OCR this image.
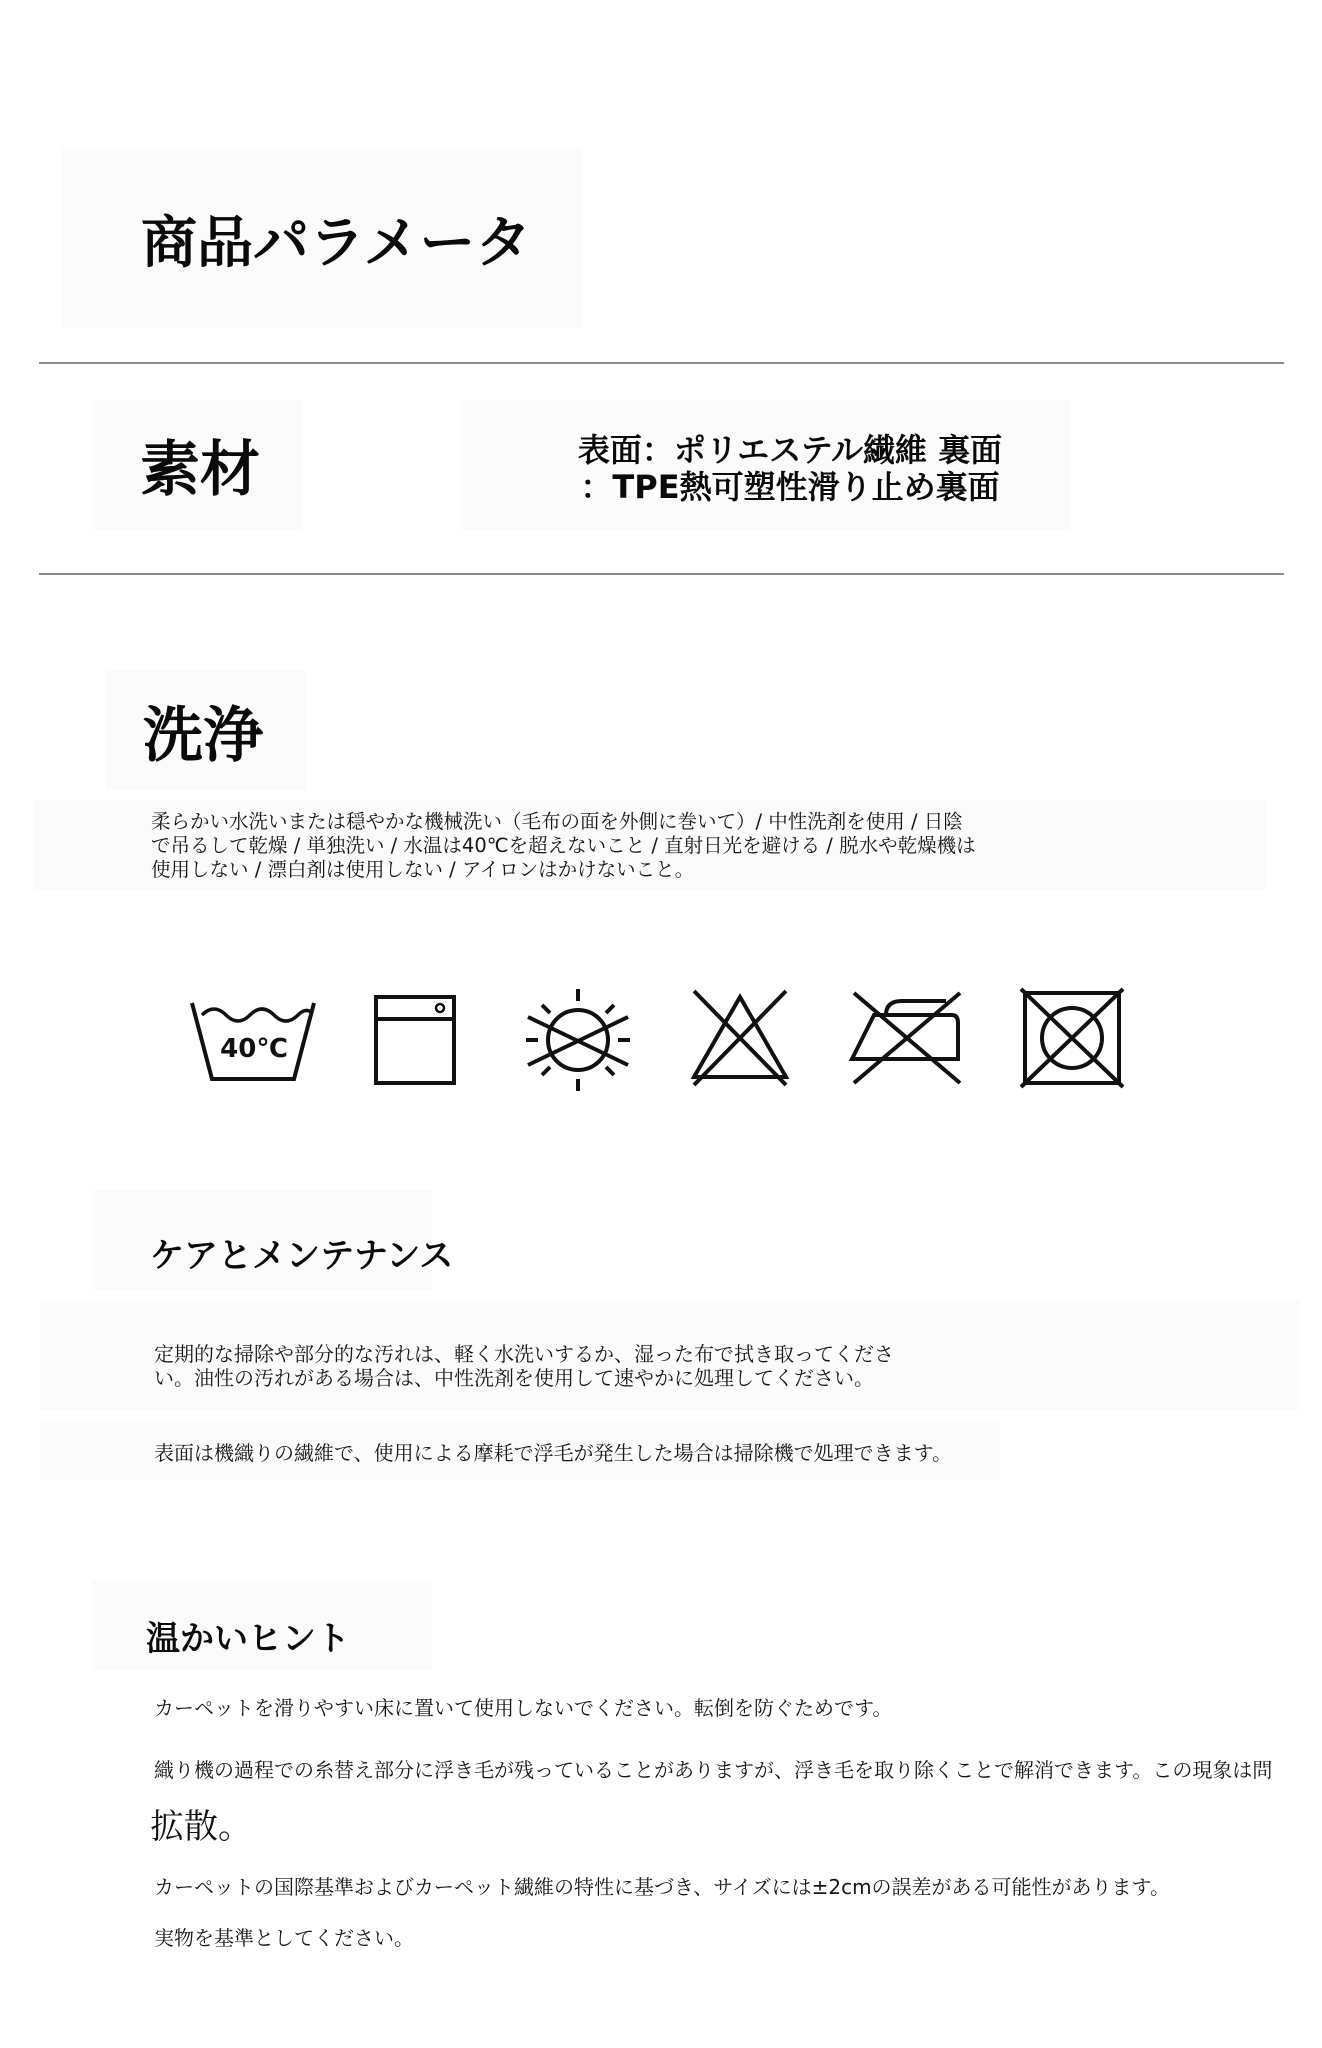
商品パラメータ
素材	表面：ポリエステル繊維 裏面
：TPE熱可塑性滑り止め裏面
洗浄
柔らかい水洗いまたは穏やかな機械洗い（毛布の面を外側に巻いて）/ 中性洗剤を使用 / 日陰
で吊るして乾燥 / 単独洗い / 水温は40℃を超えないこと / 直射日光を避ける / 脱水や乾燥機は
使用しない / 漂白剤は使用しない / アイロンはかけないこと。
40℃
ケアとメンテナンス
定期的な掃除や部分的な汚れは、軽く水洗いするか、湿った布で拭き取ってくださ
い。油性の汚れがある場合は、中性洗剤を使用して速やかに処理してください。
表面は機織りの繊維で、使用による摩耗で浮毛が発生した場合は掃除機で処理できます。
温かいヒント
カーペットを滑りやすい床に置いて使用しないでください。転倒を防ぐためです。
織り機の過程での糸替え部分に浮き毛が残っていることがありますが、浮き毛を取り除くことで解消できます。この現象は問
拡散。
カーペットの国際基準およびカーペット繊維の特性に基づき、サイズには±2cmの誤差がある可能性があります。
実物を基準としてください。
